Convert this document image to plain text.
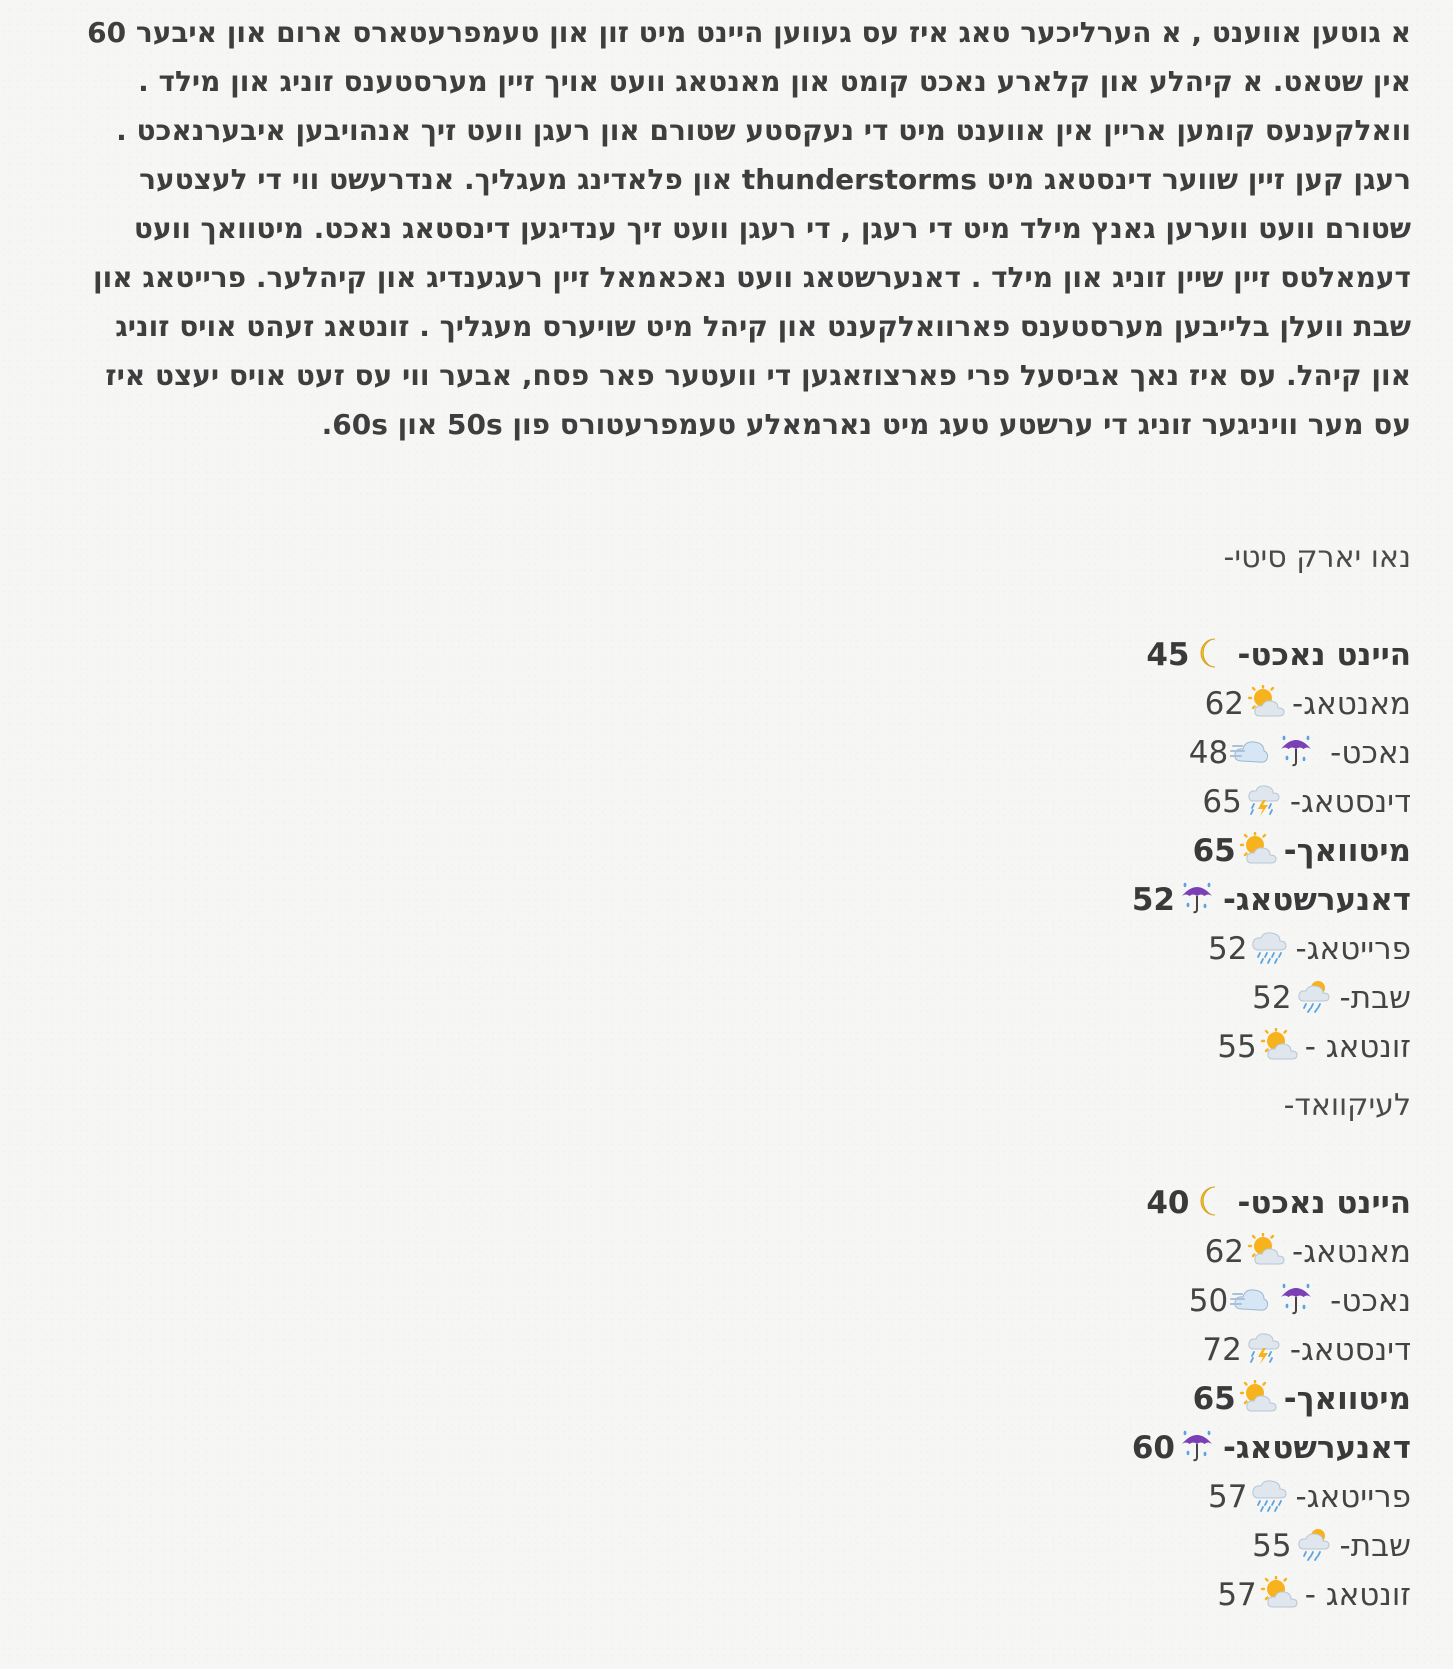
א גוטען אווענט , א הערליכער טאג איז עס געווען היינט מיט זון און טעמפרעטארס ארום און איבער 60 אין שטאט. א קיהלע און קלארע נאכט קומט און מאנטאג וועט אויך זיין מערסטענס זוניג און מילד . וואלקענעס קומען אריין אין אווענט מיט די נעקסטע שטורם און רעגן וועט זיך אנהויבען איבערנאכט . רעגן קען זיין שווער דינסטאג מיט thunderstorms און פלאדינג מעגליך. אנדרעשט ווי די לעצטער שטורם וועט ווערען גאנץ מילד מיט די רעגן , די רעגן וועט זיך ענדיגען דינסטאג נאכט. מיטוואך וועט דעמאלטס זיין שיין זוניג און מילד . דאנערשטאג וועט נאכאמאל זיין רעגענדיג און קיהלער. פרייטאג און שבת וועלן בלייבען מערסטענס פארוואלקענט און קיהל מיט שויערס מעגליך . זונטאג זעהט אויס זוניג און קיהל. עס איז נאך אביסעל פרי פארצוזאגען די וועטער פאר פסח, אבער ווי עס זעט אויס יעצט איז עס מער וויניגער זוניג די ערשטע טעג מיט נארמאלע טעמפרעטורס פון 50s און 60s.

נאו יארק סיטי-
היינט נאכט-
45
מאנטאג-
62
נאכט-
48
דינסטאג-
65
מיטוואך-
65
דאנערשטאג-
52
פרייטאג-
52
שבת-
52
זונטאג -
55
לעיקוואד-
היינט נאכט-
40
מאנטאג-
62
נאכט-
50
דינסטאג-
72
מיטוואך-
65
דאנערשטאג-
60
פרייטאג-
57
שבת-
55
זונטאג -
57
